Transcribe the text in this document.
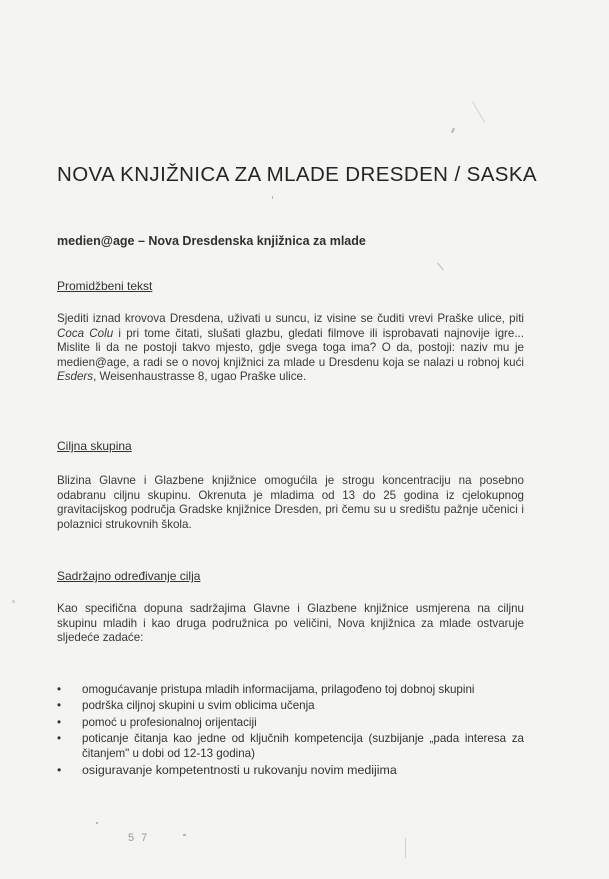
NOVA KNJIŽNICA ZA MLADE DRESDEN / SASKA

medien@age – Nova Dresdenska knjižnica za mlade

Promidžbeni tekst

Sjediti iznad krovova Dresdena, uživati u suncu, iz visine se čuditi vrevi Praške ulice, piti Coca Colu i pri tome čitati, slušati glazbu, gledati filmove ili isprobavati najnovije igre... Mislite li da ne postoji takvo mjesto, gdje svega toga ima? O da, postoji: naziv mu je medien@age, a radi se o novoj knjižnici za mlade u Dresdenu koja se nalazi u robnoj kući Esders, Weisenhaustrasse 8, ugao Praške ulice.

Ciljna skupina

Blizina Glavne i Glazbene knjižnice omogućila je strogu koncentraciju na posebno odabranu ciljnu skupinu. Okrenuta je mladima od 13 do 25 godina iz cjelokupnog gravitacijskog područja Gradske knjižnice Dresden, pri čemu su u središtu pažnje učenici i polaznici strukovnih škola.

Sadržajno određivanje cilja

Kao specifična dopuna sadržajima Glavne i Glazbene knjižnice usmjerena na ciljnu skupinu mladih i kao druga podružnica po veličini, Nova knjižnica za mlade ostvaruje sljedeće zadaće:

• omogućavanje pristupa mladih informacijama, prilagođeno toj dobnoj skupini
• podrška ciljnoj skupini u svim oblicima učenja
• pomoć u profesionalnoj orijentaciji
• poticanje čitanja kao jedne od ključnih kompetencija (suzbijanje „pada interesa za čitanjem" u dobi od 12-13 godina)
• osiguravanje kompetentnosti u rukovanju novim medijima
5 7
